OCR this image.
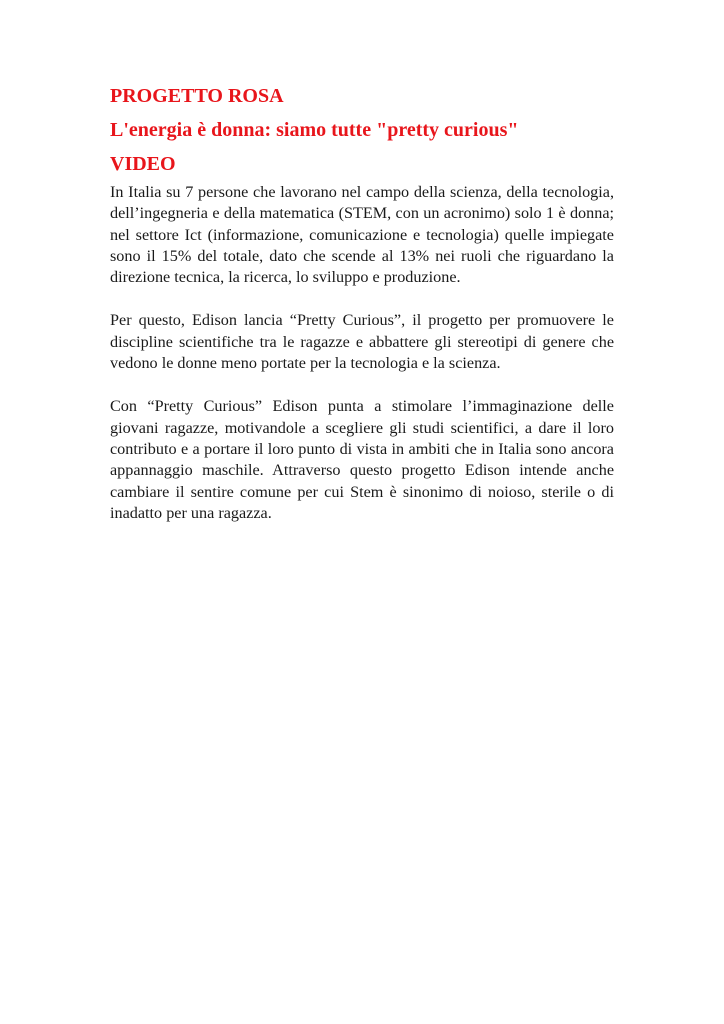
PROGETTO ROSA
L'energia è donna: siamo tutte "pretty curious"
VIDEO

In Italia su 7 persone che lavorano nel campo della scienza, della tecnologia, dell’ingegneria e della matematica (STEM, con un acronimo) solo 1 è donna; nel settore Ict (informazione, comunicazione e tecnologia) quelle impiegate sono il 15% del totale, dato che scende al 13% nei ruoli che riguardano la direzione tecnica, la ricerca, lo sviluppo e produzione.

Per questo, Edison lancia “Pretty Curious”, il progetto per promuovere le discipline scientifiche tra le ragazze e abbattere gli stereotipi di genere che vedono le donne meno portate per la tecnologia e la scienza.

Con “Pretty Curious” Edison punta a stimolare l’immaginazione delle giovani ragazze, motivandole a scegliere gli studi scientifici, a dare il loro contributo e a portare il loro punto di vista in ambiti che in Italia sono ancora appannaggio maschile. Attraverso questo progetto Edison intende anche cambiare il sentire comune per cui Stem è sinonimo di noioso, sterile o di inadatto per una ragazza.
